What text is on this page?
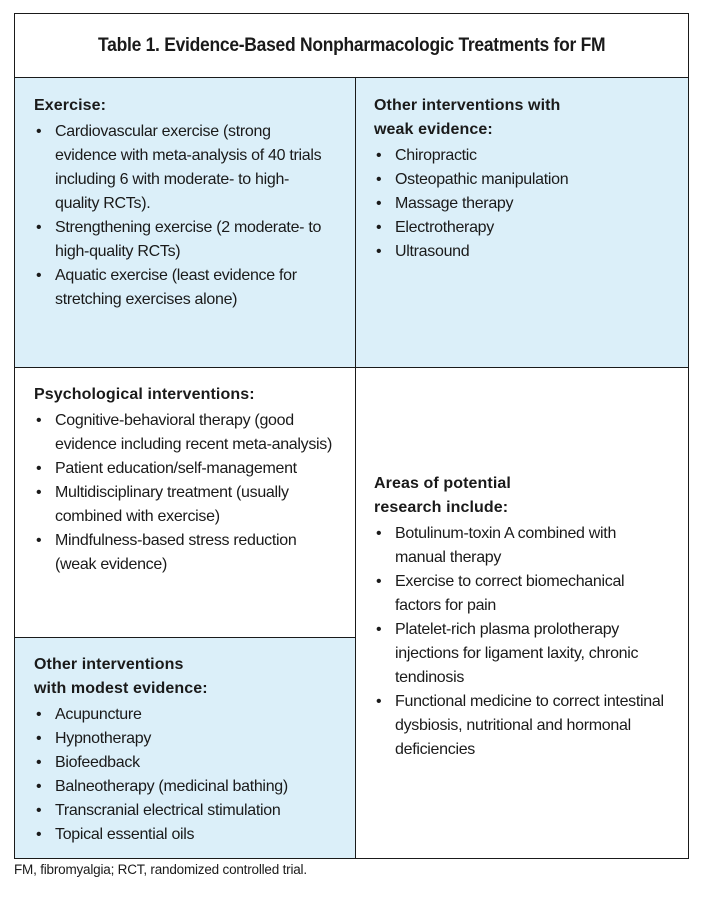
Table 1. Evidence-Based Nonpharmacologic Treatments for FM
Exercise:
• Cardiovascular exercise (strong evidence with meta-analysis of 40 trials including 6 with moderate- to high-quality RCTs).
• Strengthening exercise (2 moderate- to high-quality RCTs)
• Aquatic exercise (least evidence for stretching exercises alone)
Other interventions with
weak evidence:
• Chiropractic
• Osteopathic manipulation
• Massage therapy
• Electrotherapy
• Ultrasound
Psychological interventions:
• Cognitive-behavioral therapy (good evidence including recent meta-analysis)
• Patient education/self-management
• Multidisciplinary treatment (usually combined with exercise)
• Mindfulness-based stress reduction (weak evidence)
Other interventions
with modest evidence:
• Acupuncture
• Hypnotherapy
• Biofeedback
• Balneotherapy (medicinal bathing)
• Transcranial electrical stimulation
• Topical essential oils
Areas of potential
research include:
• Botulinum-toxin A combined with manual therapy
• Exercise to correct biomechanical factors for pain
• Platelet-rich plasma prolotherapy injections for ligament laxity, chronic tendinosis
• Functional medicine to correct intestinal dysbiosis, nutritional and hormonal deficiencies
FM, fibromyalgia; RCT, randomized controlled trial.
